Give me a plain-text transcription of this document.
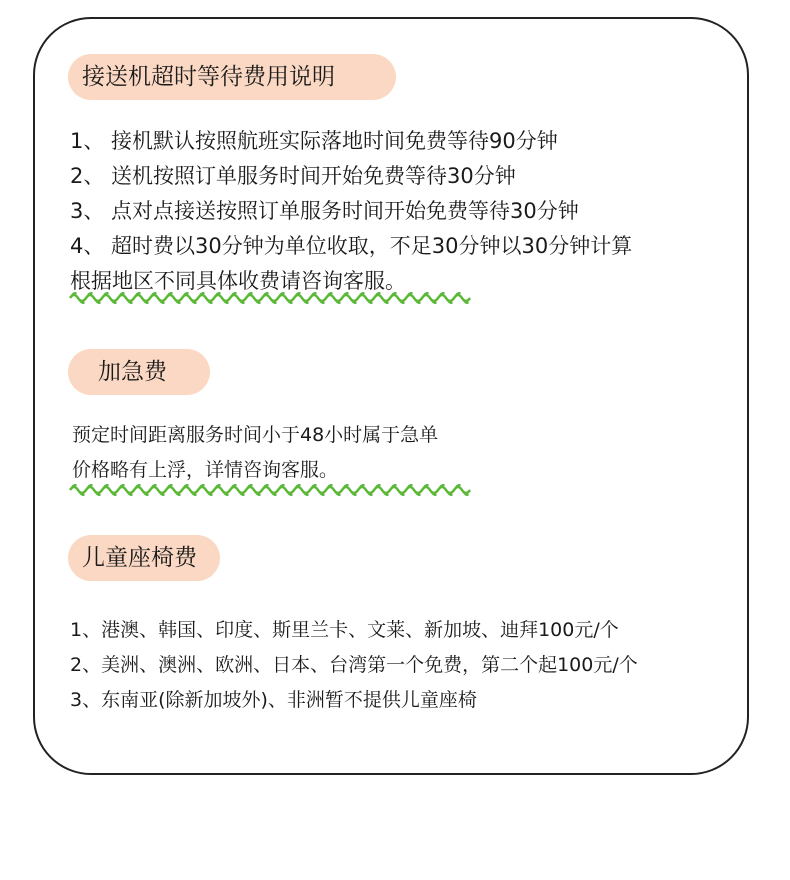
接送机超时等待费用说明
1、 接机默认按照航班实际落地时间免费等待90分钟
2、 送机按照订单服务时间开始免费等待30分钟
3、 点对点接送按照订单服务时间开始免费等待30分钟
4、 超时费以30分钟为单位收取，不足30分钟以30分钟计算
根据地区不同具体收费请咨询客服。
加急费
预定时间距离服务时间小于48小时属于急单
价格略有上浮，详情咨询客服。
儿童座椅费
1、港澳、韩国、印度、斯里兰卡、文莱、新加坡、迪拜100元/个
2、美洲、澳洲、欧洲、日本、台湾第一个免费，第二个起100元/个
3、东南亚(除新加坡外)、非洲暂不提供儿童座椅
